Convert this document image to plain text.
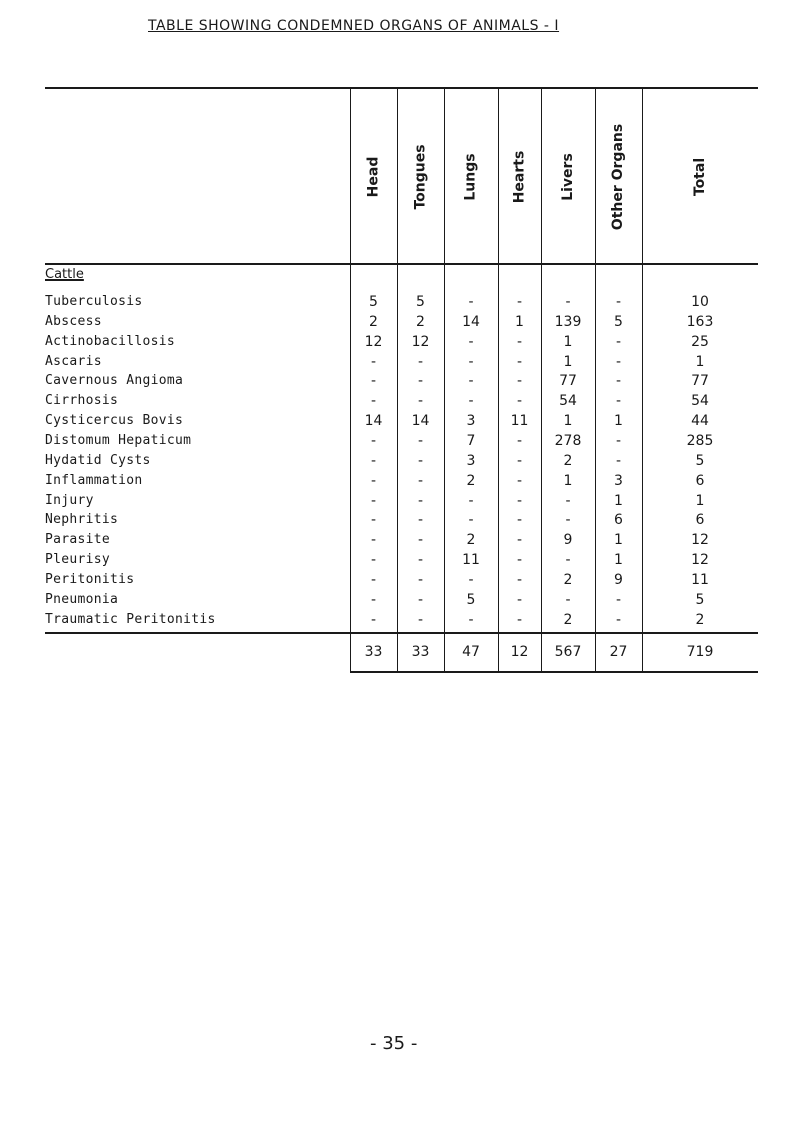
TABLE SHOWING CONDEMNED ORGANS OF ANIMALS - I
Head Tongues Lungs Hearts Livers Other Organs	Total
Cattle
Tuberculosis	5	5	-	-	-	-	10
Abscess	2	2	14	1	139	5	163
Actinobacillosis	12	12	-	-	1	-	25
Ascaris	-	-	-	-	1	-	1
Cavernous Angioma	-	-	-	-	77	-	77
Cirrhosis	-	-	-	-	54	-	54
Cysticercus Bovis	14	14	3	11	1	1	44
Distomum Hepaticum	-	-	7	-	278	-	285
Hydatid Cysts	-	-	3	-	2	-	5
Inflammation	-	-	2	-	1	3	6
Injury	-	-	-	-	-	1	1
Nephritis	-	-	-	-	-	6	6
Parasite	-	-	2	-	9	1	12
Pleurisy	-	-	11	-	-	1	12
Peritonitis	-	-	-	-	2	9	11
Pneumonia	-	-	5	-	-	-	5
Traumatic Peritonitis	-	-	-	-	2	-	2
33	33	47	12	567	27	719
- 35 -
